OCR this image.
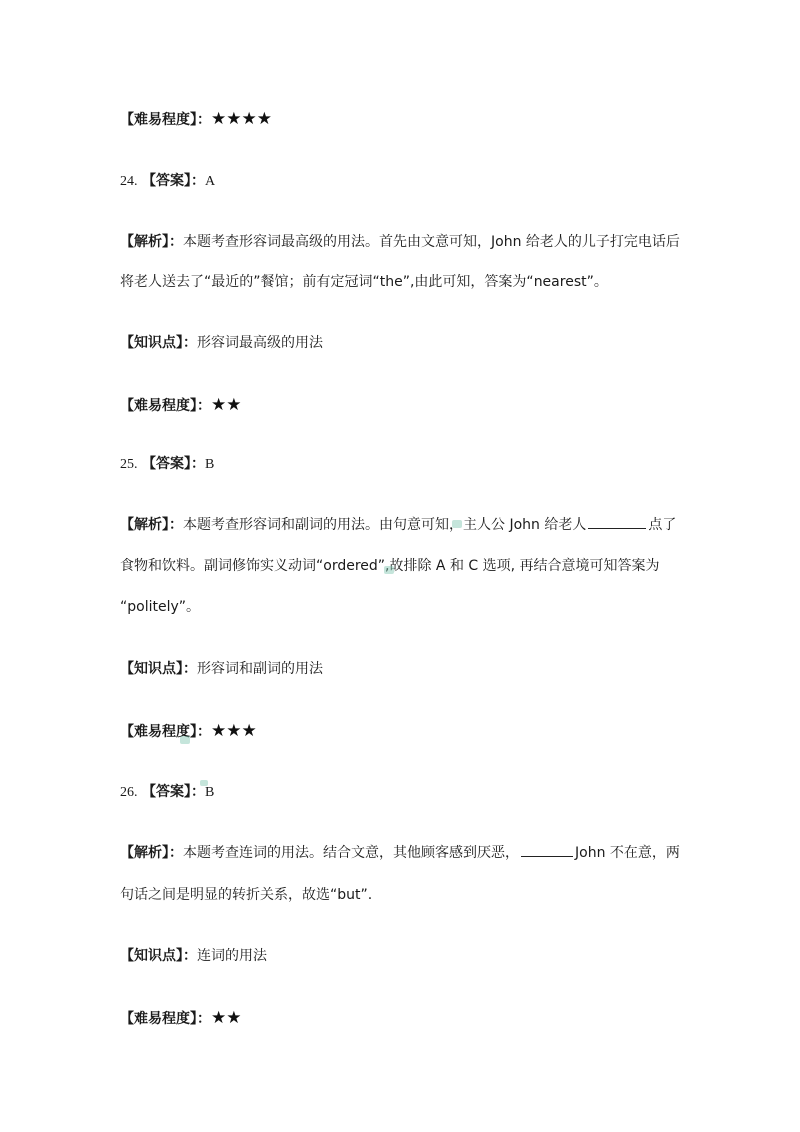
【难易程度】：★★★★
24. 【答案】：A
【解析】：本题考查形容词最高级的用法。首先由文意可知，John 给老人的儿子打完电话后
将老人送去了“最近的”餐馆；前有定冠词“the”,由此可知，答案为“nearest”。
【知识点】：形容词最高级的用法
【难易程度】：★★
25. 【答案】：B
【解析】：本题考查形容词和副词的用法。由句意可知，主人公 John 给老人	点了
食物和饮料。副词修饰实义动词“ordered”,故排除 A 和 C 选项, 再结合意境可知答案为
“politely”。
【知识点】：形容词和副词的用法
【难易程度】：★★★
26. 【答案】：B
【解析】：本题考查连词的用法。结合文意，其他顾客感到厌恶，	John 不在意，两
句话之间是明显的转折关系，故选“but”.
【知识点】：连词的用法
【难易程度】：★★
